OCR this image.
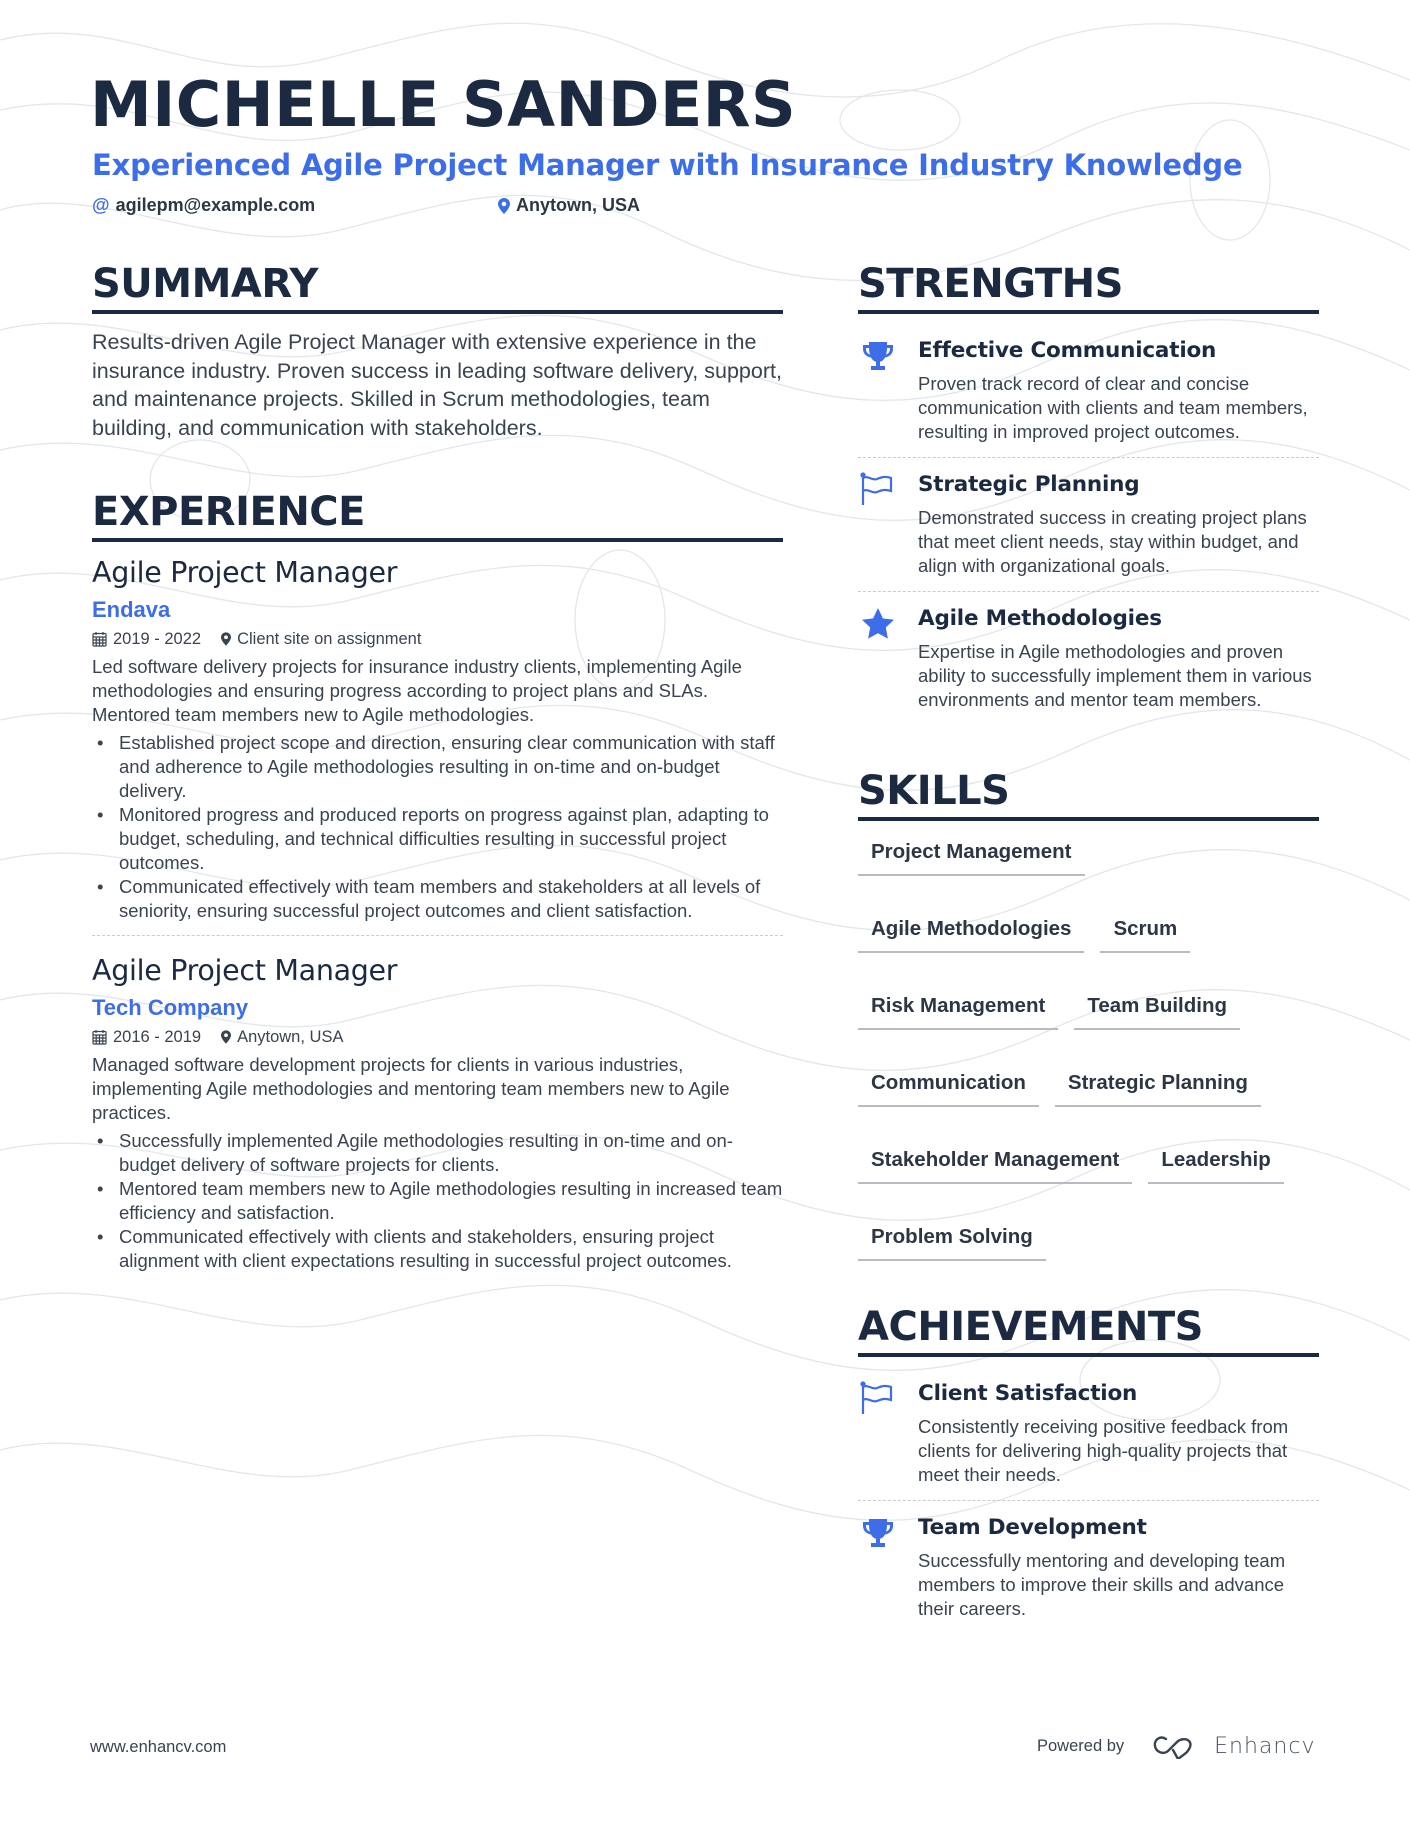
MICHELLE SANDERS
Experienced Agile Project Manager with Insurance Industry Knowledge
@ agilepm@example.com	Anytown, USA
SUMMARY

Results-driven Agile Project Manager with extensive experience in the insurance industry. Proven success in leading software delivery, support, and maintenance projects. Skilled in Scrum methodologies, team building, and communication with stakeholders.

EXPERIENCE
Agile Project Manager
Endava
2019 - 2022 Client site on assignment

Led software delivery projects for insurance industry clients, implementing Agile methodologies and ensuring progress according to project plans and SLAs. Mentored team members new to Agile methodologies.

• Established project scope and direction, ensuring clear communication with staff and adherence to Agile methodologies resulting in on-time and on-budget delivery.
• Monitored progress and produced reports on progress against plan, adapting to budget, scheduling, and technical difficulties resulting in successful project outcomes.
• Communicated effectively with team members and stakeholders at all levels of seniority, ensuring successful project outcomes and client satisfaction.
Agile Project Manager
Tech Company
2016 - 2019 Anytown, USA

Managed software development projects for clients in various industries, implementing Agile methodologies and mentoring team members new to Agile practices.

• Successfully implemented Agile methodologies resulting in on-time and on-budget delivery of software projects for clients.
• Mentored team members new to Agile methodologies resulting in increased team efficiency and satisfaction.
• Communicated effectively with clients and stakeholders, ensuring project alignment with client expectations resulting in successful project outcomes.
STRENGTHS
Effective Communication

Proven track record of clear and concise communication with clients and team members, resulting in improved project outcomes.

Strategic Planning

Demonstrated success in creating project plans that meet client needs, stay within budget, and align with organizational goals.

Agile Methodologies

Expertise in Agile methodologies and proven ability to successfully implement them in various environments and mentor team members.

SKILLS
Project Management
Agile Methodologies	Scrum
Risk Management	Team Building
Communication	Strategic Planning
Stakeholder Management	Leadership
Problem Solving
ACHIEVEMENTS
Client Satisfaction

Consistently receiving positive feedback from clients for delivering high-quality projects that meet their needs.

Team Development

Successfully mentoring and developing team members to improve their skills and advance their careers.

www.enhancv.com	Powered by	Enhancv
